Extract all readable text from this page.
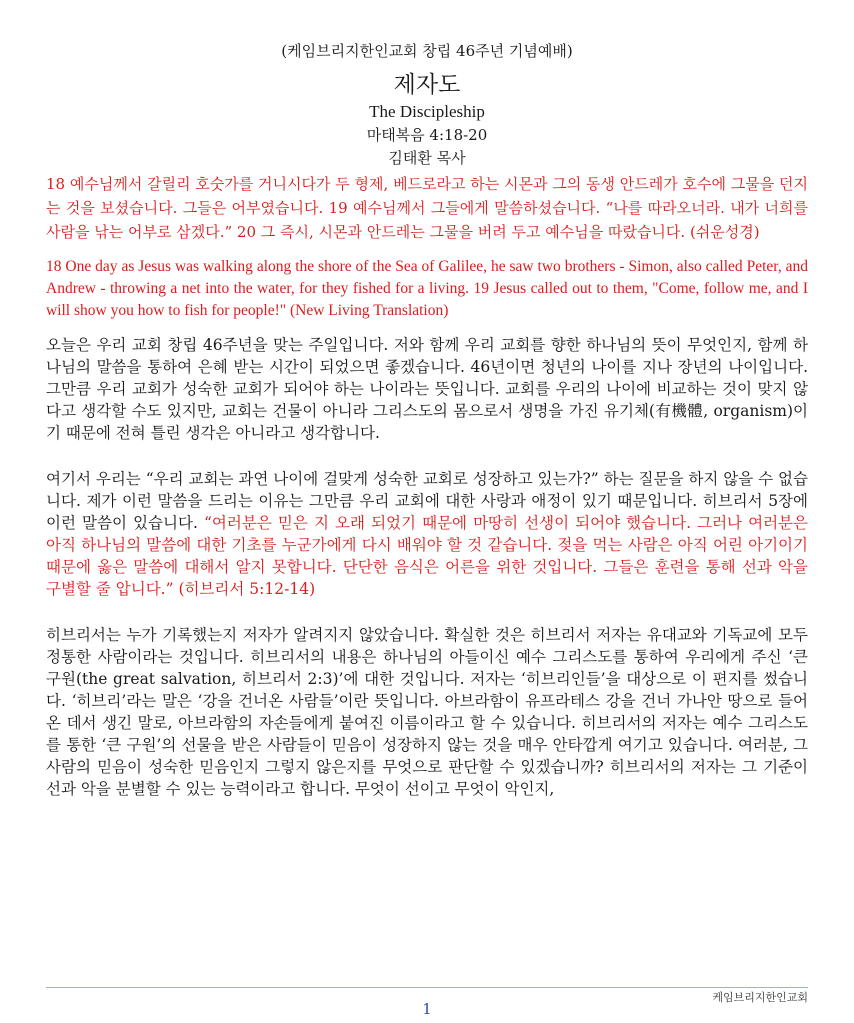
(케임브리지한인교회 창립 46주년 기념예배)
제자도
The Discipleship
마태복음 4:18-20
김태환 목사

18 예수님께서 갈릴리 호숫가를 거니시다가 두 형제, 베드로라고 하는 시몬과 그의 동생 안드레가 호수에 그물을 던지는 것을 보셨습니다. 그들은 어부였습니다. 19 예수님께서 그들에게 말씀하셨습니다. “나를 따라오너라. 내가 너희를 사람을 낚는 어부로 삼겠다.” 20 그 즉시, 시몬과 안드레는 그물을 버려 두고 예수님을 따랐습니다. (쉬운성경)

18 One day as Jesus was walking along the shore of the Sea of Galilee, he saw two brothers - Simon, also called Peter, and Andrew - throwing a net into the water, for they fished for a living. 19 Jesus called out to them, "Come, follow me, and I will show you how to fish for people!" (New Living Translation)

오늘은 우리 교회 창립 46주년을 맞는 주일입니다. 저와 함께 우리 교회를 향한 하나님의 뜻이 무엇인지, 함께 하나님의 말씀을 통하여 은혜 받는 시간이 되었으면 좋겠습니다. 46년이면 청년의 나이를 지나 장년의 나이입니다. 그만큼 우리 교회가 성숙한 교회가 되어야 하는 나이라는 뜻입니다. 교회를 우리의 나이에 비교하는 것이 맞지 않다고 생각할 수도 있지만, 교회는 건물이 아니라 그리스도의 몸으로서 생명을 가진 유기체(有機體, organism)이기 때문에 전혀 틀린 생각은 아니라고 생각합니다.

여기서 우리는 “우리 교회는 과연 나이에 걸맞게 성숙한 교회로 성장하고 있는가?” 하는 질문을 하지 않을 수 없습니다. 제가 이런 말씀을 드리는 이유는 그만큼 우리 교회에 대한 사랑과 애정이 있기 때문입니다. 히브리서 5장에 이런 말씀이 있습니다. “여러분은 믿은 지 오래 되었기 때문에 마땅히 선생이 되어야 했습니다. 그러나 여러분은 아직 하나님의 말씀에 대한 기초를 누군가에게 다시 배워야 할 것 같습니다. 젖을 먹는 사람은 아직 어린 아기이기 때문에 옳은 말씀에 대해서 알지 못합니다. 단단한 음식은 어른을 위한 것입니다. 그들은 훈련을 통해 선과 악을 구별할 줄 압니다.” (히브리서 5:12-14)

히브리서는 누가 기록했는지 저자가 알려지지 않았습니다. 확실한 것은 히브리서 저자는 유대교와 기독교에 모두 정통한 사람이라는 것입니다. 히브리서의 내용은 하나님의 아들이신 예수 그리스도를 통하여 우리에게 주신 ‘큰 구원(the great salvation, 히브리서 2:3)’에 대한 것입니다. 저자는 ‘히브리인들’을 대상으로 이 편지를 썼습니다. ‘히브리’라는 말은 ‘강을 건너온 사람들’이란 뜻입니다. 아브라함이 유프라테스 강을 건너 가나안 땅으로 들어온 데서 생긴 말로, 아브라함의 자손들에게 붙여진 이름이라고 할 수 있습니다. 히브리서의 저자는 예수 그리스도를 통한 ‘큰 구원’의 선물을 받은 사람들이 믿음이 성장하지 않는 것을 매우 안타깝게 여기고 있습니다. 여러분, 그 사람의 믿음이 성숙한 믿음인지 그렇지 않은지를 무엇으로 판단할 수 있겠습니까? 히브리서의 저자는 그 기준이 선과 악을 분별할 수 있는 능력이라고 합니다. 무엇이 선이고 무엇이 악인지,

케임브리지한인교회
1
